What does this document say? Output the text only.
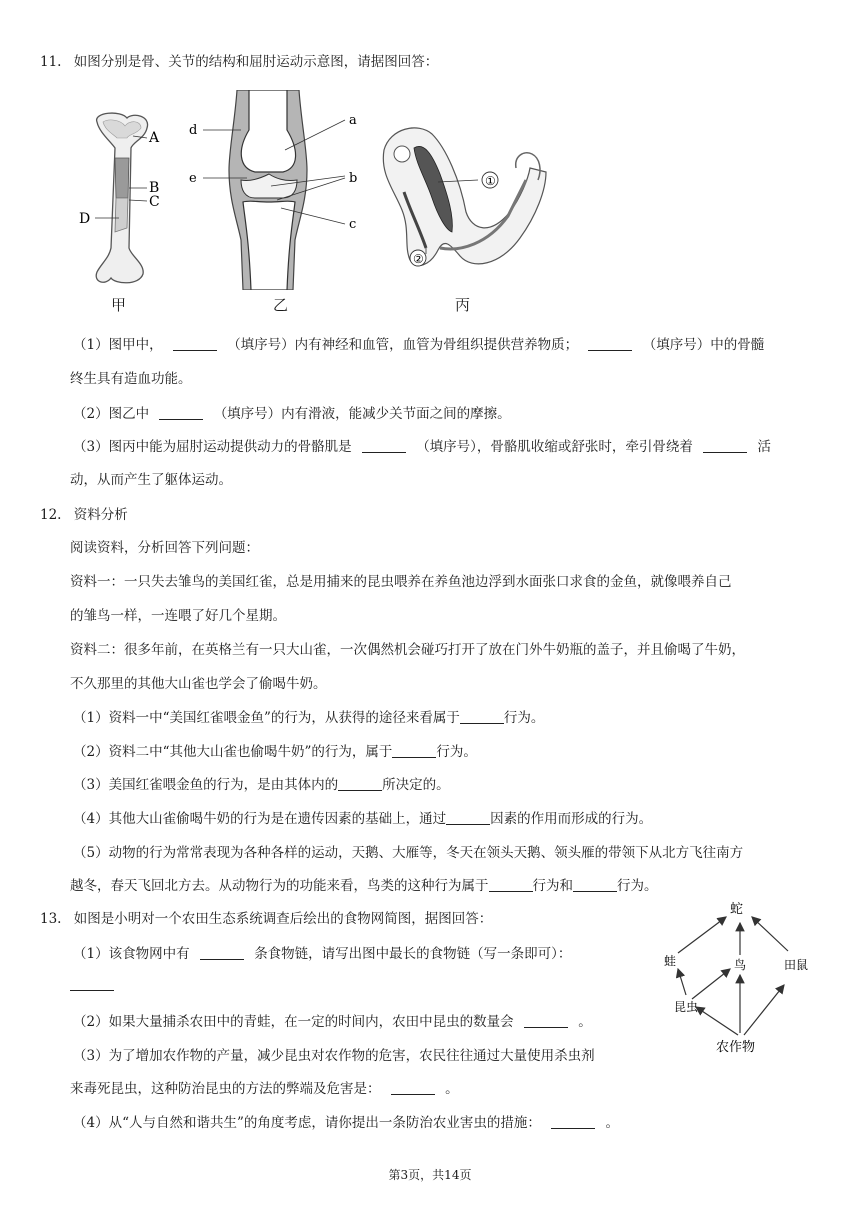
11. 如图分别是骨、关节的结构和屈肘运动示意图，请据图回答：
A
B
C
D
a
b
c
d
e	①
②
甲	乙	丙
（1）图甲中，	（填序号）内有神经和血管，血管为骨组织提供营养物质；	（填序号）中的骨髓
终生具有造血功能。
（2）图乙中	（填序号）内有滑液，能减少关节面之间的摩擦。
（3）图丙中能为屈肘运动提供动力的骨骼肌是	（填序号），骨骼肌收缩或舒张时，牵引骨绕着	活
动，从而产生了躯体运动。
12. 资料分析
阅读资料，分析回答下列问题：
资料一：一只失去雏鸟的美国红雀，总是用捕来的昆虫喂养在养鱼池边浮到水面张口求食的金鱼，就像喂养自己
的雏鸟一样，一连喂了好几个星期。
资料二：很多年前，在英格兰有一只大山雀，一次偶然机会碰巧打开了放在门外牛奶瓶的盖子，并且偷喝了牛奶，
不久那里的其他大山雀也学会了偷喝牛奶。
（1）资料一中“美国红雀喂金鱼”的行为，从获得的途径来看属于	行为。
（2）资料二中“其他大山雀也偷喝牛奶”的行为，属于	行为。
（3）美国红雀喂金鱼的行为，是由其体内的	所决定的。
（4）其他大山雀偷喝牛奶的行为是在遗传因素的基础上，通过	因素的作用而形成的行为。
（5）动物的行为常常表现为各种各样的运动，天鹅、大雁等，冬天在领头天鹅、领头雁的带领下从北方飞往南方
越冬，春天飞回北方去。从动物行为的功能来看，鸟类的这种行为属于	行为和	行为。
13. 如图是小明对一个农田生态系统调查后绘出的食物网简图，据图回答：
蛇
蛙	鸟	田鼠
昆虫
农作物
（1）该食物网中有	条食物链，请写出图中最长的食物链（写一条即可）：
（2）如果大量捕杀农田中的青蛙，在一定的时间内，农田中昆虫的数量会	。
（3）为了增加农作物的产量，减少昆虫对农作物的危害，农民往往通过大量使用杀虫剂
来毒死昆虫，这种防治昆虫的方法的弊端及危害是：	。
（4）从“人与自然和谐共生”的角度考虑，请你提出一条防治农业害虫的措施：	。
第3页，共14页
